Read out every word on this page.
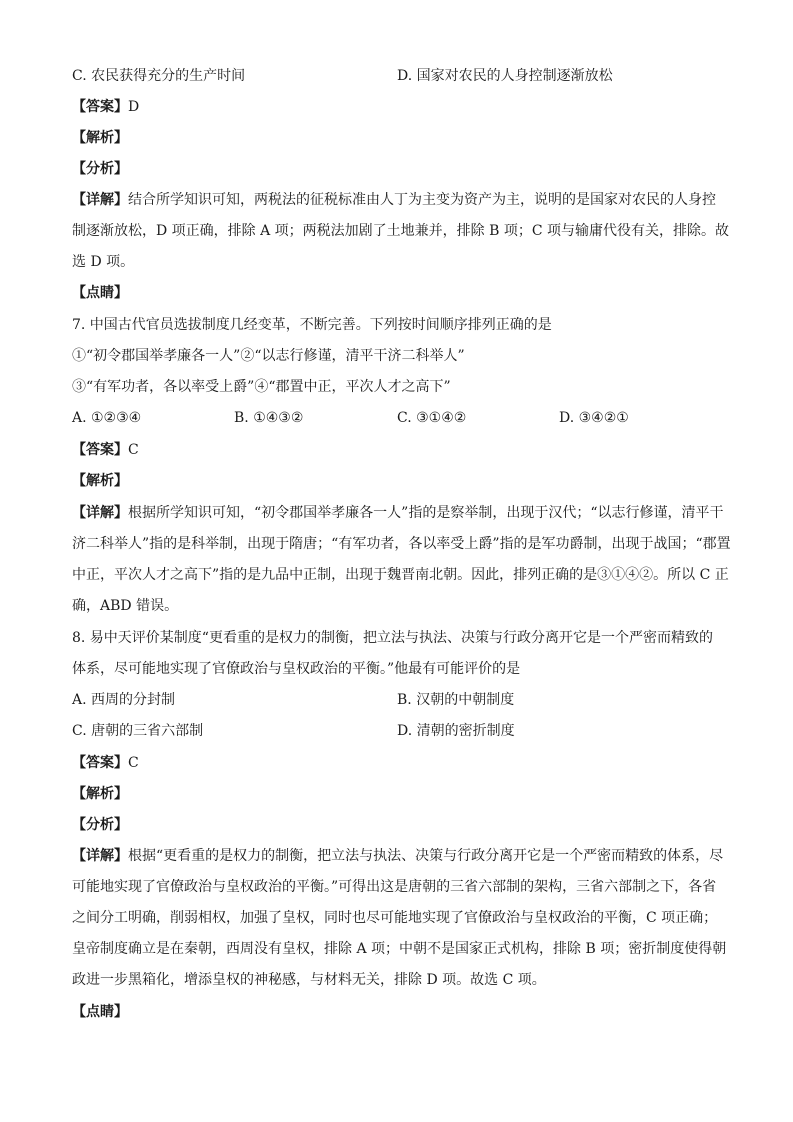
C. 农民获得充分的生产时间	D. 国家对农民的人身控制逐渐放松
【答案】D
【解析】
【分析】
【详解】结合所学知识可知，两税法的征税标准由人丁为主变为资产为主，说明的是国家对农民的人身控
制逐渐放松，D 项正确，排除 A 项；两税法加剧了土地兼并，排除 B 项；C 项与输庸代役有关，排除。故
选 D 项。
【点睛】
7. 中国古代官员选拔制度几经变革，不断完善。下列按时间顺序排列正确的是
①“初令郡国举孝廉各一人”②“以志行修谨，清平干济二科举人”
③“有军功者，各以率受上爵”④“郡置中正，平次人才之高下”
A. ①②③④	B. ①④③②	C. ③①④②	D. ③④②①
【答案】C
【解析】
【详解】根据所学知识可知，“初令郡国举孝廉各一人”指的是察举制，出现于汉代；“以志行修谨，清平干
济二科举人”指的是科举制，出现于隋唐；“有军功者，各以率受上爵”指的是军功爵制，出现于战国；“郡置
中正，平次人才之高下”指的是九品中正制，出现于魏晋南北朝。因此，排列正确的是③①④②。所以 C 正
确，ABD 错误。
8. 易中天评价某制度“更看重的是权力的制衡，把立法与执法、决策与行政分离开它是一个严密而精致的
体系，尽可能地实现了官僚政治与皇权政治的平衡。”他最有可能评价的是
A. 西周的分封制	B. 汉朝的中朝制度
C. 唐朝的三省六部制	D. 清朝的密折制度
【答案】C
【解析】
【分析】
【详解】根据“更看重的是权力的制衡，把立法与执法、决策与行政分离开它是一个严密而精致的体系，尽
可能地实现了官僚政治与皇权政治的平衡。”可得出这是唐朝的三省六部制的架构，三省六部制之下，各省
之间分工明确，削弱相权，加强了皇权，同时也尽可能地实现了官僚政治与皇权政治的平衡，C 项正确；
皇帝制度确立是在秦朝，西周没有皇权，排除 A 项；中朝不是国家正式机构，排除 B 项；密折制度使得朝
政进一步黑箱化，增添皇权的神秘感，与材料无关，排除 D 项。故选 C 项。
【点睛】
